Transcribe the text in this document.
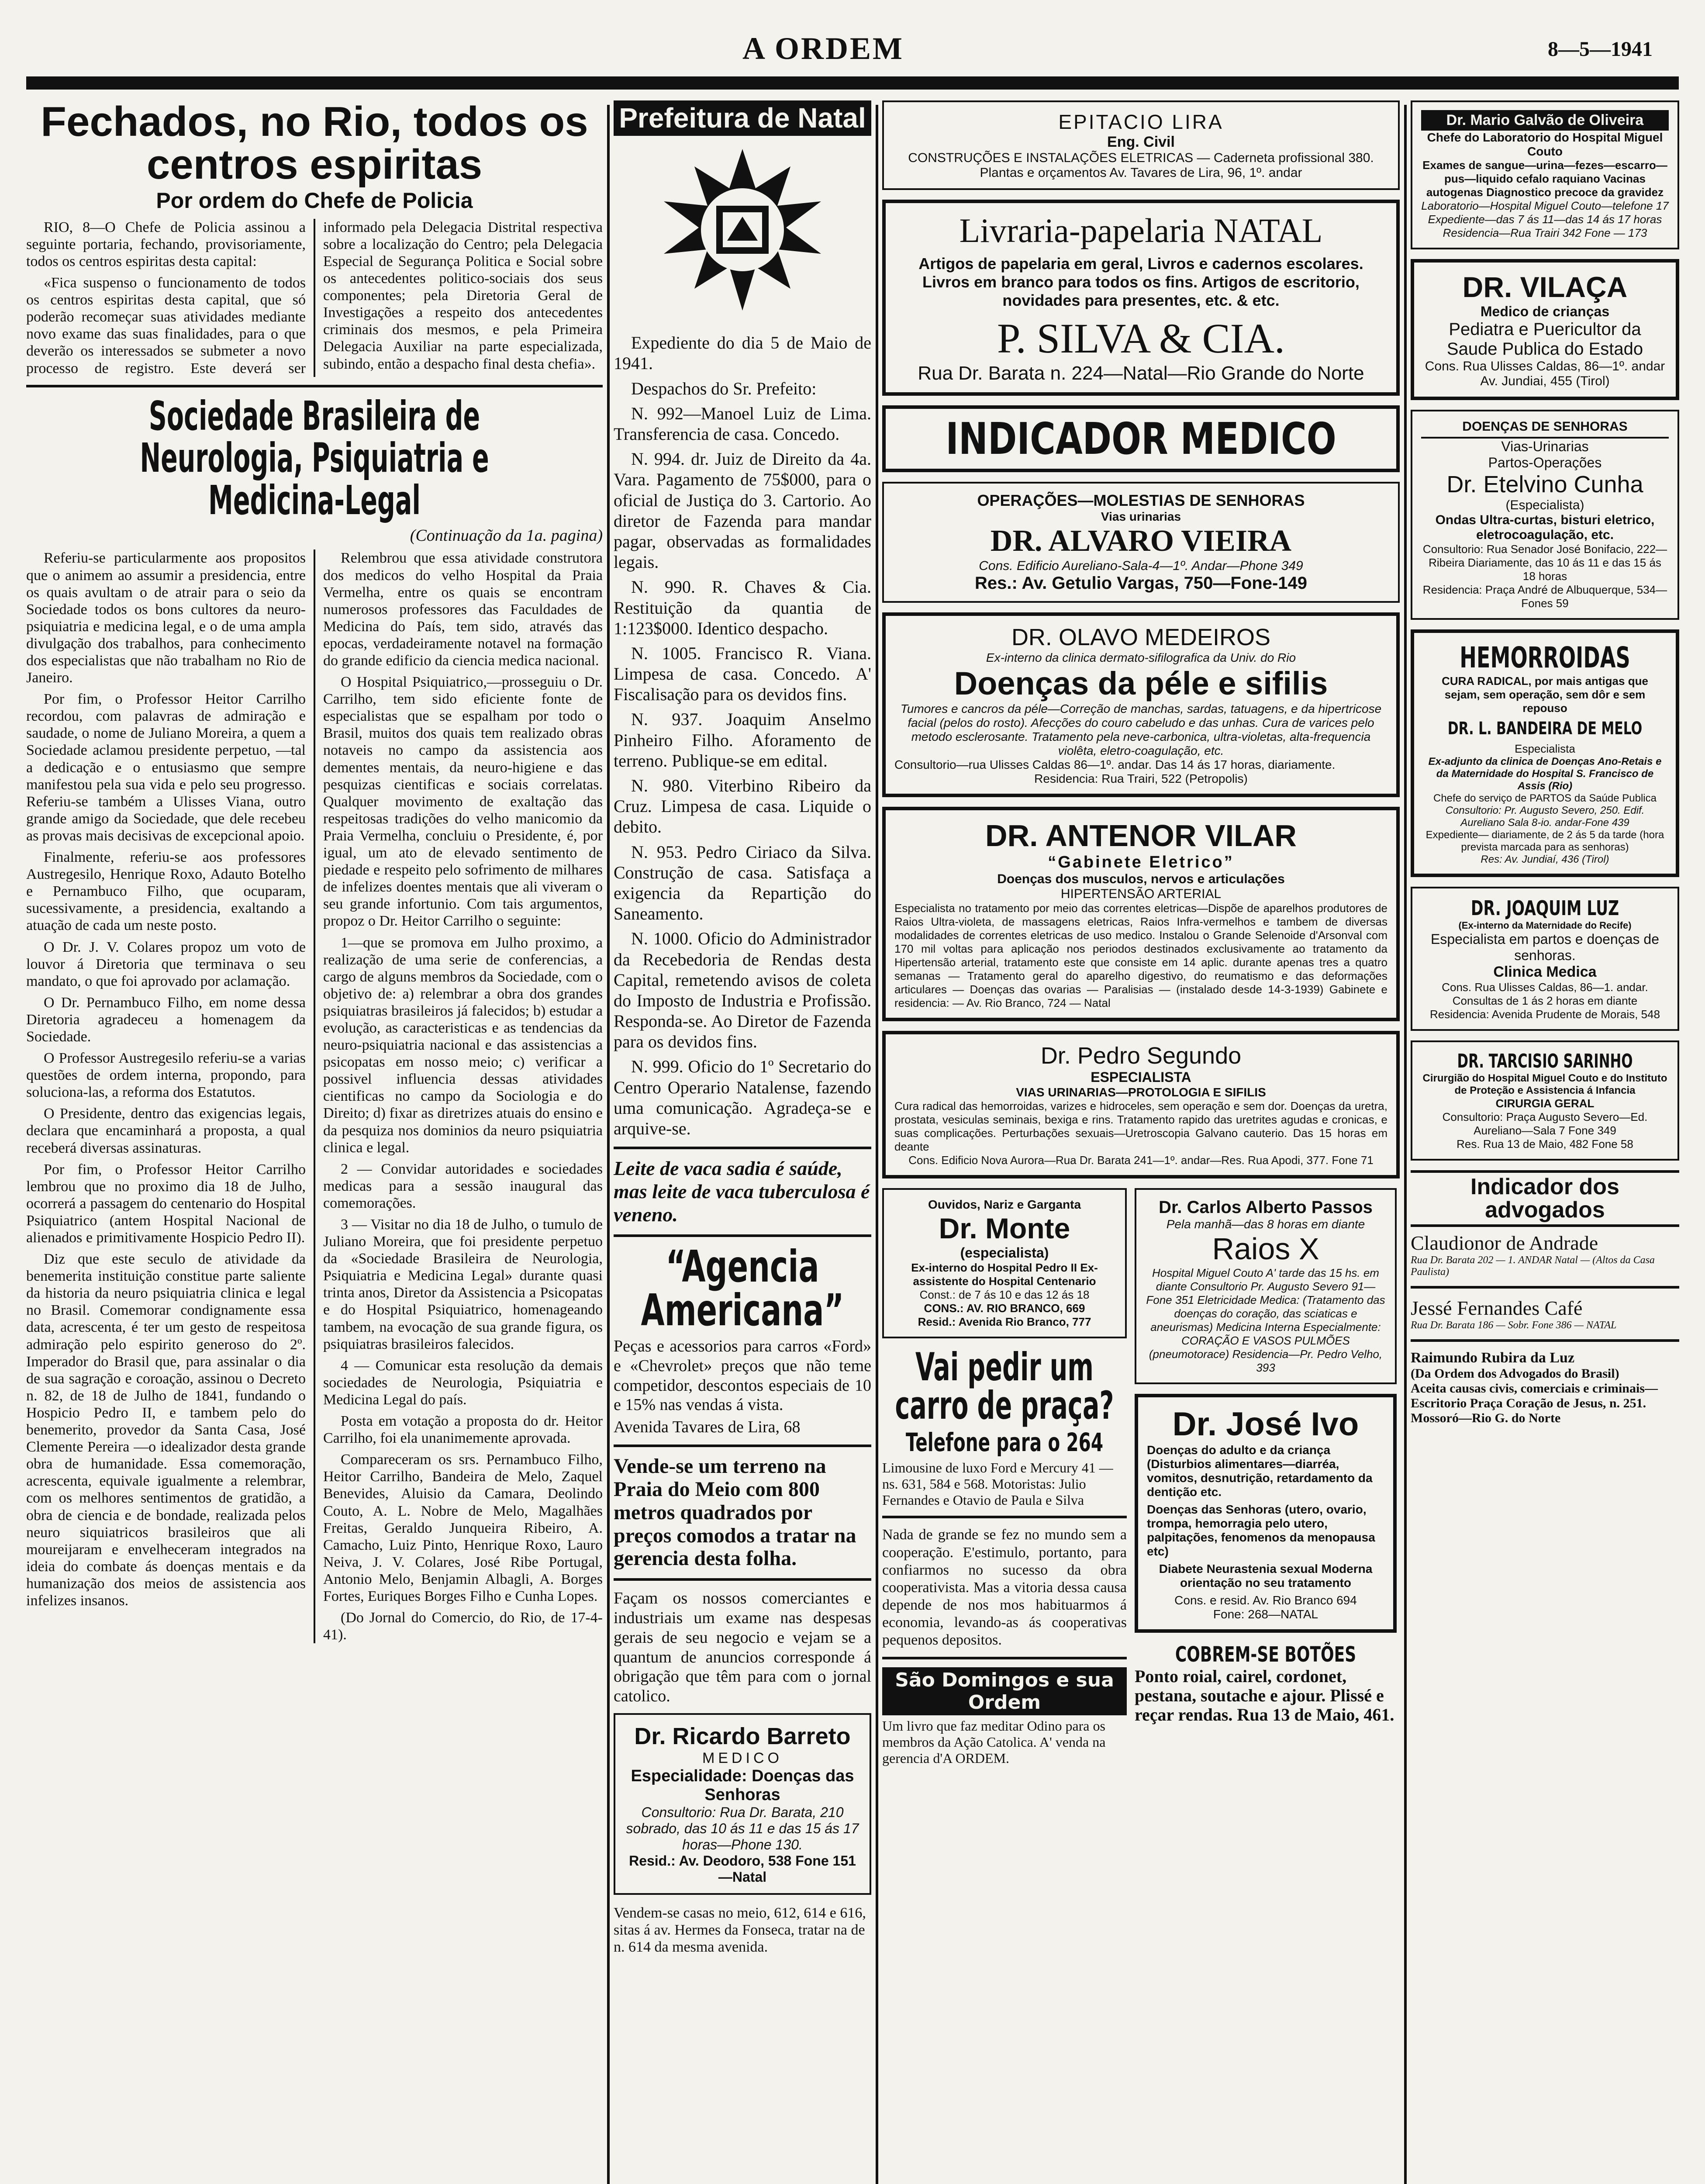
A ORDEM	8—5—1941
Fechados, no Rio, todos os centros espiritas
Por ordem do Chefe de Policia

RIO, 8—O Chefe de Policia assinou a seguinte portaria, fechando, provisoriamente, todos os centros espiritas desta capital:

«Fica suspenso o funcionamento de todos os centros espiritas desta capital, que só poderão recomeçar suas atividades mediante novo exame das suas finalidades, para o que deverão os interessados se submeter a novo processo de registro. Este deverá ser informado pela Delegacia Distrital respectiva sobre a localização do Centro; pela Delegacia Especial de Segurança Politica e Social sobre os antecedentes politico-sociais dos seus componentes; pela Diretoria Geral de Investigações a respeito dos antecedentes criminais dos mesmos, e pela Primeira Delegacia Auxiliar na parte especializada, subindo, então a despacho final desta chefia».

Sociedade Brasileira de Neurologia, Psiquiatria e Medicina-Legal
(Continuação da 1a. pagina)

Referiu-se particularmente aos propositos que o animem ao assumir a presidencia, entre os quais avultam o de atrair para o seio da Sociedade todos os bons cultores da neuro-psiquiatria e medicina legal, e o de uma ampla divulgação dos trabalhos, para conhecimento dos especialistas que não trabalham no Rio de Janeiro.

Por fim, o Professor Heitor Carrilho recordou, com palavras de admiração e saudade, o nome de Juliano Moreira, a quem a Sociedade aclamou presidente perpetuo, —tal a dedicação e o entusiasmo que sempre manifestou pela sua vida e pelo seu progresso. Referiu-se também a Ulisses Viana, outro grande amigo da Sociedade, que dele recebeu as provas mais decisivas de excepcional apoio.

Finalmente, referiu-se aos professores Austregesilo, Henrique Roxo, Adauto Botelho e Pernambuco Filho, que ocuparam, sucessivamente, a presidencia, exaltando a atuação de cada um neste posto.

O Dr. J. V. Colares propoz um voto de louvor á Diretoria que terminava o seu mandato, o que foi aprovado por aclamação.

O Dr. Pernambuco Filho, em nome dessa Diretoria agradeceu a homenagem da Sociedade.

O Professor Austregesilo referiu-se a varias questões de ordem interna, propondo, para soluciona-las, a reforma dos Estatutos.

O Presidente, dentro das exigencias legais, declara que encaminhará a proposta, a qual receberá diversas assinaturas.

Por fim, o Professor Heitor Carrilho lembrou que no proximo dia 18 de Julho, ocorrerá a passagem do centenario do Hospital Psiquiatrico (antem Hospital Nacional de alienados e primitivamente Hospicio Pedro II).

Diz que este seculo de atividade da benemerita instituição constitue parte saliente da historia da neuro psiquiatria clinica e legal no Brasil. Comemorar condignamente essa data, acrescenta, é ter um gesto de respeitosa admiração pelo espirito generoso do 2º. Imperador do Brasil que, para assinalar o dia de sua sagração e coroação, assinou o Decreto n. 82, de 18 de Julho de 1841, fundando o Hospicio Pedro II, e tambem pelo do benemerito, provedor da Santa Casa, José Clemente Pereira —o idealizador desta grande obra de humanidade. Essa comemoração, acrescenta, equivale igualmente a relembrar, com os melhores sentimentos de gratidão, a obra de ciencia e de bondade, realizada pelos neuro siquiatricos brasileiros que ali moureijaram e envelheceram integrados na ideia do combate ás doenças mentais e da humanização dos meios de assistencia aos infelizes insanos.

Relembrou que essa atividade construtora dos medicos do velho Hospital da Praia Vermelha, entre os quais se encontram numerosos professores das Faculdades de Medicina do País, tem sido, através das epocas, verdadeiramente notavel na formação do grande edificio da ciencia medica nacional.

O Hospital Psiquiatrico,—prosseguiu o Dr. Carrilho, tem sido eficiente fonte de especialistas que se espalham por todo o Brasil, muitos dos quais tem realizado obras notaveis no campo da assistencia aos dementes mentais, da neuro-higiene e das pesquizas cientificas e sociais correlatas. Qualquer movimento de exaltação das respeitosas tradições do velho manicomio da Praia Vermelha, concluiu o Presidente, é, por igual, um ato de elevado sentimento de piedade e respeito pelo sofrimento de milhares de infelizes doentes mentais que ali viveram o seu grande infortunio. Com tais argumentos, propoz o Dr. Heitor Carrilho o seguinte:

1—que se promova em Julho proximo, a realização de uma serie de conferencias, a cargo de alguns membros da Sociedade, com o objetivo de: a) relembrar a obra dos grandes psiquiatras brasileiros já falecidos; b) estudar a evolução, as caracteristicas e as tendencias da neuro-psiquiatria nacional e das assistencias a psicopatas em nosso meio; c) verificar a possivel influencia dessas atividades cientificas no campo da Sociologia e do Direito; d) fixar as diretrizes atuais do ensino e da pesquiza nos dominios da neuro psiquiatria clinica e legal.

2 — Convidar autoridades e sociedades medicas para a sessão inaugural das comemorações.

3 — Visitar no dia 18 de Julho, o tumulo de Juliano Moreira, que foi presidente perpetuo da «Sociedade Brasileira de Neurologia, Psiquiatria e Medicina Legal» durante quasi trinta anos, Diretor da Assistencia a Psicopatas e do Hospital Psiquiatrico, homenageando tambem, na evocação de sua grande figura, os psiquiatras brasileiros falecidos.

4 — Comunicar esta resolução da demais sociedades de Neurologia, Psiquiatria e Medicina Legal do país.

Posta em votação a proposta do dr. Heitor Carrilho, foi ela unanimemente aprovada.

Compareceram os srs. Pernambuco Filho, Heitor Carrilho, Bandeira de Melo, Zaquel Benevides, Aluisio da Camara, Deolindo Couto, A. L. Nobre de Melo, Magalhães Freitas, Geraldo Junqueira Ribeiro, A. Camacho, Luiz Pinto, Henrique Roxo, Lauro Neiva, J. V. Colares, José Ribe Portugal, Antonio Melo, Benjamin Albagli, A. Borges Fortes, Euriques Borges Filho e Cunha Lopes.

(Do Jornal do Comercio, do Rio, de 17-4-41).

Prefeitura de Natal

Expediente do dia 5 de Maio de 1941.

Despachos do Sr. Prefeito:

N. 992—Manoel Luiz de Lima. Transferencia de casa. Concedo.

N. 994. dr. Juiz de Direito da 4a. Vara. Pagamento de 75$000, para o oficial de Justiça do 3. Cartorio. Ao diretor de Fazenda para mandar pagar, observadas as formalidades legais.

N. 990. R. Chaves & Cia. Restituição da quantia de 1:123$000. Identico despacho.

N. 1005. Francisco R. Viana. Limpesa de casa. Concedo. A' Fiscalisação para os devidos fins.

N. 937. Joaquim Anselmo Pinheiro Filho. Aforamento de terreno. Publique-se em edital.

N. 980. Viterbino Ribeiro da Cruz. Limpesa de casa. Liquide o debito.

N. 953. Pedro Ciriaco da Silva. Construção de casa. Satisfaça a exigencia da Repartição do Saneamento.

N. 1000. Oficio do Administrador da Recebedoria de Rendas desta Capital, remetendo avisos de coleta do Imposto de Industria e Profissão. Responda-se. Ao Diretor de Fazenda para os devidos fins.

N. 999. Oficio do 1º Secretario do Centro Operario Natalense, fazendo uma comunicação. Agradeça-se e arquive-se.

Leite de vaca sadia é saúde, mas leite de vaca tuberculosa é veneno.
“Agencia Americana”
Peças e acessorios para carros «Ford» e «Chevrolet» preços que não teme competidor, descontos especiais de 10 e 15% nas vendas á vista.
Avenida Tavares de Lira, 68
Vende-se um terreno na Praia do Meio com 800 metros quadrados por preços comodos a tratar na gerencia desta folha.
Façam os nossos comerciantes e industriais um exame nas despesas gerais de seu negocio e vejam se a quantum de anuncios corresponde á obrigação que têm para com o jornal catolico.
Dr. Ricardo Barreto
MEDICO
Especialidade: Doenças das Senhoras
Consultorio: Rua Dr. Barata, 210 sobrado, das 10 ás 11 e das 15 ás 17 horas—Phone 130.
Resid.: Av. Deodoro, 538 Fone 151—Natal
Vendem-se casas no meio, 612, 614 e 616, sitas á av. Hermes da Fonseca, tratar na de n. 614 da mesma avenida.
EPITACIO LIRA
Eng. Civil
CONSTRUÇÕES E INSTALAÇÕES ELETRICAS — Caderneta profissional 380. Plantas e orçamentos Av. Tavares de Lira, 96, 1º. andar
Livraria-papelaria NATAL
Artigos de papelaria em geral, Livros e cadernos escolares. Livros em branco para todos os fins. Artigos de escritorio, novidades para presentes, etc. & etc.
P. SILVA & CIA.
Rua Dr. Barata n. 224—Natal—Rio Grande do Norte
INDICADOR MEDICO
OPERAÇÕES—MOLESTIAS DE SENHORAS
Vias urinarias
DR. ALVARO VIEIRA
Cons. Edificio Aureliano-Sala-4—1º. Andar—Phone 349
Res.: Av. Getulio Vargas, 750—Fone-149
DR. OLAVO MEDEIROS
Ex-interno da clinica dermato-sifilografica da Univ. do Rio
Doenças da péle e sifilis
Tumores e cancros da péle—Correção de manchas, sardas, tatuagens, e da hipertricose facial (pelos do rosto). Afecções do couro cabeludo e das unhas. Cura de varices pelo metodo esclerosante. Tratamento pela neve-carbonica, ultra-violetas, alta-frequencia violêta, eletro-coagulação, etc.
Consultorio—rua Ulisses Caldas 86—1º. andar. Das 14 ás 17 horas, diariamente.
Residencia: Rua Trairi, 522 (Petropolis)
DR. ANTENOR VILAR
“Gabinete Eletrico”
Doenças dos musculos, nervos e articulações
HIPERTENSÃO ARTERIAL
Especialista no tratamento por meio das correntes eletricas—Dispõe de aparelhos produtores de Raios Ultra-violeta, de massagens eletricas, Raios Infra-vermelhos e tambem de diversas modalidades de correntes eletricas de uso medico. Instalou o Grande Selenoide d'Arsonval com 170 mil voltas para aplicação nos periodos destinados exclusivamente ao tratamento da Hipertensão arterial, tratamento este que consiste em 14 aplic. durante apenas tres a quatro semanas — Tratamento geral do aparelho digestivo, do reumatismo e das deformações articulares — Doenças das ovarias — Paralisias — (instalado desde 14-3-1939) Gabinete e residencia: — Av. Rio Branco, 724 — Natal
Dr. Pedro Segundo
ESPECIALISTA
VIAS URINARIAS—PROTOLOGIA E SIFILIS
Cura radical das hemorroidas, varizes e hidroceles, sem operação e sem dor. Doenças da uretra, prostata, vesiculas seminais, bexiga e rins. Tratamento rapido das uretrites agudas e cronicas, e suas complicações. Perturbações sexuais—Uretroscopia Galvano cauterio. Das 15 horas em deante
Cons. Edificio Nova Aurora—Rua Dr. Barata 241—1º. andar—Res. Rua Apodi, 377. Fone 71
Ouvidos, Nariz e Garganta
Dr. Monte
(especialista)
Ex-interno do Hospital Pedro II Ex-assistente do Hospital Centenario
Const.: de 7 ás 10 e das 12 ás 18
CONS.: AV. RIO BRANCO, 669
Resid.: Avenida Rio Branco, 777
Vai pedir um carro de praça?
Telefone para o 264
Limousine de luxo Ford e Mercury 41 — ns. 631, 584 e 568. Motoristas: Julio Fernandes e Otavio de Paula e Silva
Nada de grande se fez no mundo sem a cooperação. E'estimulo, portanto, para confiarmos no sucesso da obra cooperativista. Mas a vitoria dessa causa depende de nos mos habituarmos á economia, levando-as ás cooperativas pequenos depositos.
São Domingos e sua Ordem
Um livro que faz meditar Odino para os membros da Ação Catolica. A' venda na gerencia d'A ORDEM.
Dr. Carlos Alberto Passos
Pela manhã—das 8 horas em diante
Raios X
Hospital Miguel Couto A' tarde das 15 hs. em diante Consultorio Pr. Augusto Severo 91—Fone 351 Eletricidade Medica: (Tratamento das doenças do coração, das sciaticas e aneurismas) Medicina Interna Especialmente: CORAÇÃO E VASOS PULMÕES (pneumotorace) Residencia—Pr. Pedro Velho, 393
Dr. José Ivo
Doenças do adulto e da criança (Disturbios alimentares—diarréa, vomitos, desnutrição, retardamento da dentição etc.
Doenças das Senhoras (utero, ovario, trompa, hemorragia pelo utero, palpitações, fenomenos da menopausa etc)
Diabete Neurastenia sexual Moderna orientação no seu tratamento
Cons. e resid. Av. Rio Branco 694
Fone: 268—NATAL
COBREM-SE BOTÕES
Ponto roial, cairel, cordonet, pestana, soutache e ajour. Plissé e reçar rendas. Rua 13 de Maio, 461.
Dr. Mario Galvão de Oliveira
Chefe do Laboratorio do Hospital Miguel Couto
Exames de sangue—urina—fezes—escarro—pus—liquido cefalo raquiano Vacinas autogenas Diagnostico precoce da gravidez
Laboratorio—Hospital Miguel Couto—telefone 17
Expediente—das 7 ás 11—das 14 ás 17 horas
Residencia—Rua Trairi 342 Fone — 173
DR. VILAÇA
Medico de crianças
Pediatra e Puericultor da Saude Publica do Estado
Cons. Rua Ulisses Caldas, 86—1º. andar
Av. Jundiai, 455 (Tirol)
DOENÇAS DE SENHORAS
Vias-Urinarias
Partos-Operações
Dr. Etelvino Cunha
(Especialista)
Ondas Ultra-curtas, bisturi eletrico, eletrocoagulação, etc.
Consultorio: Rua Senador José Bonifacio, 222—Ribeira Diariamente, das 10 ás 11 e das 15 ás 18 horas
Residencia: Praça André de Albuquerque, 534—Fones 59
HEMORROIDAS
CURA RADICAL, por mais antigas que sejam, sem operação, sem dôr e sem repouso
DR. L. BANDEIRA DE MELO
Especialista
Ex-adjunto da clinica de Doenças Ano-Retais e da Maternidade do Hospital S. Francisco de Assis (Rio)
Chefe do serviço de PARTOS da Saúde Publica
Consultorio: Pr. Augusto Severo, 250. Edif. Aureliano Sala 8-io. andar-Fone 439
Expediente— diariamente, de 2 ás 5 da tarde (hora prevista marcada para as senhoras)
Res: Av. Jundiaí, 436 (Tirol)
DR. JOAQUIM LUZ
(Ex-interno da Maternidade do Recife)
Especialista em partos e doenças de senhoras.
Clinica Medica
Cons. Rua Ulisses Caldas, 86—1. andar. Consultas de 1 ás 2 horas em diante
Residencia: Avenida Prudente de Morais, 548
DR. TARCISIO SARINHO
Cirurgião do Hospital Miguel Couto e do Instituto de Proteção e Assistencia á Infancia
CIRURGIA GERAL
Consultorio: Praça Augusto Severo—Ed. Aureliano—Sala 7 Fone 349
Res. Rua 13 de Maio, 482 Fone 58
Indicador dos advogados
Claudionor de Andrade
Rua Dr. Barata 202 — 1. ANDAR Natal — (Altos da Casa Paulista)
Jessé Fernandes Café
Rua Dr. Barata 186 — Sobr. Fone 386 — NATAL
Raimundo Rubira da Luz
(Da Ordem dos Advogados do Brasil)
Aceita causas civis, comerciais e criminais—Escritorio Praça Coração de Jesus, n. 251.
Mossoró—Rio G. do Norte
